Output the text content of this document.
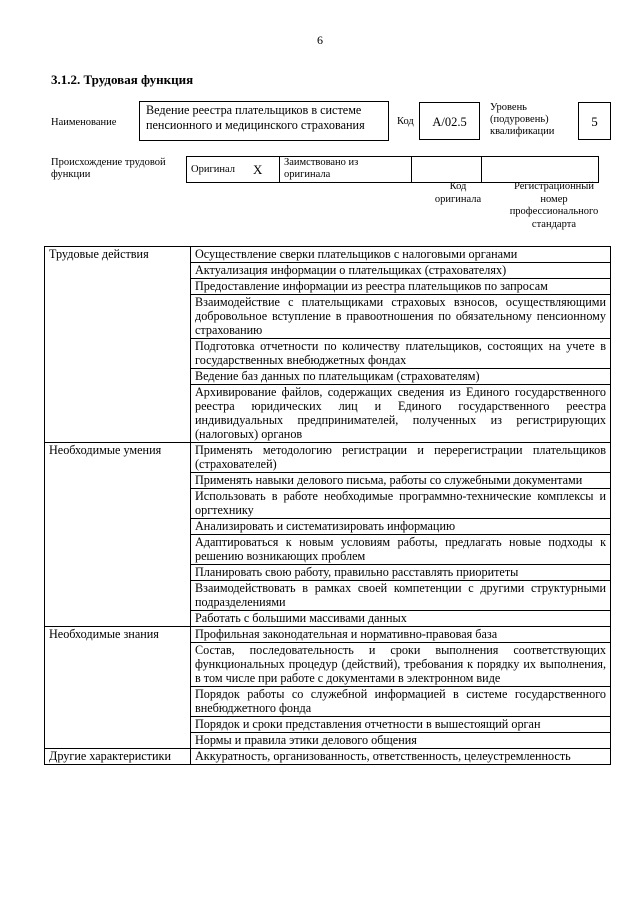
6
3.1.2. Трудовая функция
Наименование
Ведение реестра плательщиков в системе пенсионного и медицинского страхования	Код	A/02.5
Уровень (подуровень) квалификации
5
Происхождение трудовой функции	Оригинал	X	Заимствовано из оригинала		
Код оригинала
Регистрационный номер профессионального стандарта
Трудовые действия	Осуществление сверки плательщиков с налоговыми органами
	Актуализация информации о плательщиках (страхователях)
	Предоставление информации из реестра плательщиков по запросам
	Взаимодействие с плательщиками страховых взносов, осуществляющими добровольное вступление в правоотношения по обязательному пенсионному страхованию
	Подготовка отчетности по количеству плательщиков, состоящих на учете в государственных внебюджетных фондах
	Ведение баз данных по плательщикам (страхователям)
	Архивирование файлов, содержащих сведения из Единого государственного реестра юридических лиц и Единого государственного реестра индивидуальных предпринимателей, полученных из регистрирующих (налоговых) органов
Необходимые умения	Применять методологию регистрации и перерегистрации плательщиков (страхователей)
	Применять навыки делового письма, работы со служебными документами
	Использовать в работе необходимые программно-технические комплексы и оргтехнику
	Анализировать и систематизировать информацию
	Адаптироваться к новым условиям работы, предлагать новые подходы к решению возникающих проблем
	Планировать свою работу, правильно расставлять приоритеты
	Взаимодействовать в рамках своей компетенции с другими структурными подразделениями
	Работать с большими массивами данных
Необходимые знания	Профильная законодательная и нормативно-правовая база
	Состав, последовательность и сроки выполнения соответствующих функциональных процедур (действий), требования к порядку их выполнения, в том числе при работе с документами в электронном виде
	Порядок работы со служебной информацией в системе государственного внебюджетного фонда
	Порядок и сроки представления отчетности в вышестоящий орган
	Нормы и правила этики делового общения
Другие характеристики	Аккуратность, организованность, ответственность, целеустремленность
